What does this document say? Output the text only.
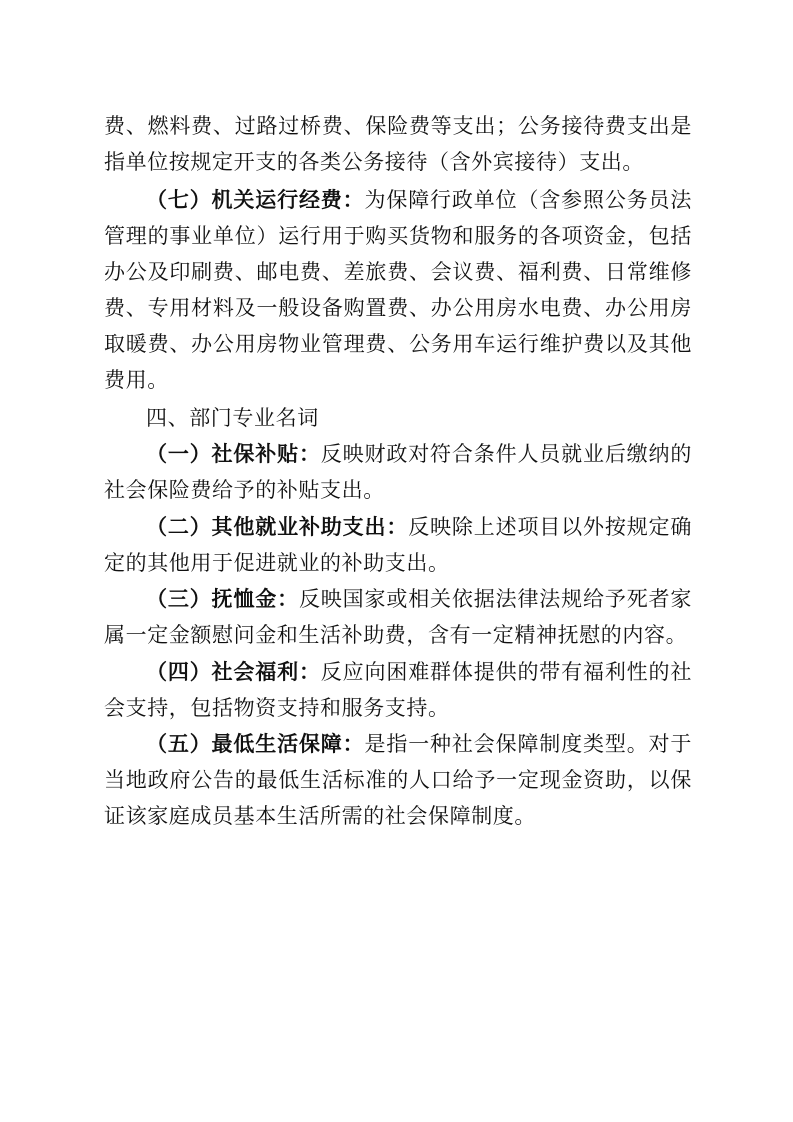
费、燃料费、过路过桥费、保险费等支出；公务接待费支出是指单位按规定开支的各类公务接待（含外宾接待）支出。

（七）机关运行经费：为保障行政单位（含参照公务员法管理的事业单位）运行用于购买货物和服务的各项资金，包括办公及印刷费、邮电费、差旅费、会议费、福利费、日常维修费、专用材料及一般设备购置费、办公用房水电费、办公用房取暖费、办公用房物业管理费、公务用车运行维护费以及其他费用。

四、部门专业名词

（一）社保补贴：反映财政对符合条件人员就业后缴纳的社会保险费给予的补贴支出。

（二）其他就业补助支出：反映除上述项目以外按规定确定的其他用于促进就业的补助支出。

（三）抚恤金：反映国家或相关依据法律法规给予死者家属一定金额慰问金和生活补助费，含有一定精神抚慰的内容。

（四）社会福利：反应向困难群体提供的带有福利性的社会支持，包括物资支持和服务支持。

（五）最低生活保障：是指一种社会保障制度类型。对于当地政府公告的最低生活标准的人口给予一定现金资助，以保证该家庭成员基本生活所需的社会保障制度。
